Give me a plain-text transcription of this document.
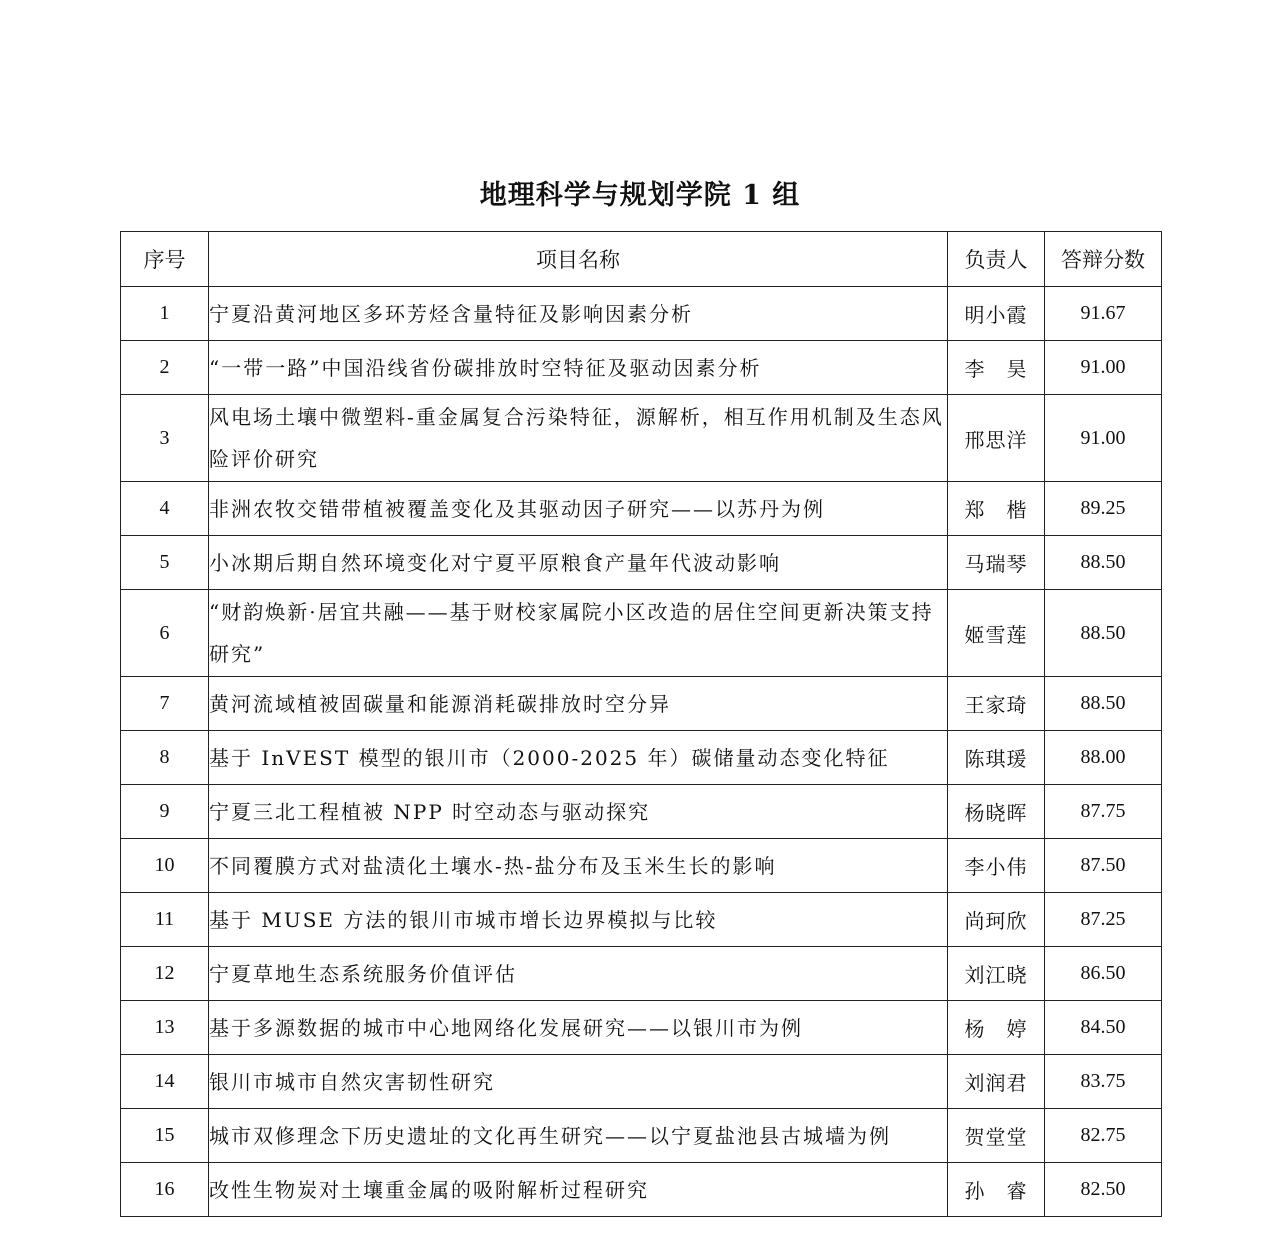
地理科学与规划学院 1 组
序号	项目名称	负责人	答辩分数
1	宁夏沿黄河地区多环芳烃含量特征及影响因素分析	明小霞	91.67
2	“一带一路”中国沿线省份碳排放时空特征及驱动因素分析	李　昊	91.00
3	风电场土壤中微塑料-重金属复合污染特征，源解析，相互作用机制及生态风险评价研究	邢思洋	91.00
4	非洲农牧交错带植被覆盖变化及其驱动因子研究——以苏丹为例	郑　楷	89.25
5	小冰期后期自然环境变化对宁夏平原粮食产量年代波动影响	马瑞琴	88.50
6	“财韵焕新·居宜共融——基于财校家属院小区改造的居住空间更新决策支持研究”	姬雪莲	88.50
7	黄河流域植被固碳量和能源消耗碳排放时空分异	王家琦	88.50
8	基于 InVEST 模型的银川市（2000-2025 年）碳储量动态变化特征	陈琪瑗	88.00
9	宁夏三北工程植被 NPP 时空动态与驱动探究	杨晓晖	87.75
10	不同覆膜方式对盐渍化土壤水-热-盐分布及玉米生长的影响	李小伟	87.50
11	基于 MUSE 方法的银川市城市增长边界模拟与比较	尚珂欣	87.25
12	宁夏草地生态系统服务价值评估	刘江晓	86.50
13	基于多源数据的城市中心地网络化发展研究——以银川市为例	杨　婷	84.50
14	银川市城市自然灾害韧性研究	刘润君	83.75
15	城市双修理念下历史遗址的文化再生研究——以宁夏盐池县古城墙为例	贺堂堂	82.75
16	改性生物炭对土壤重金属的吸附解析过程研究	孙　睿	82.50
